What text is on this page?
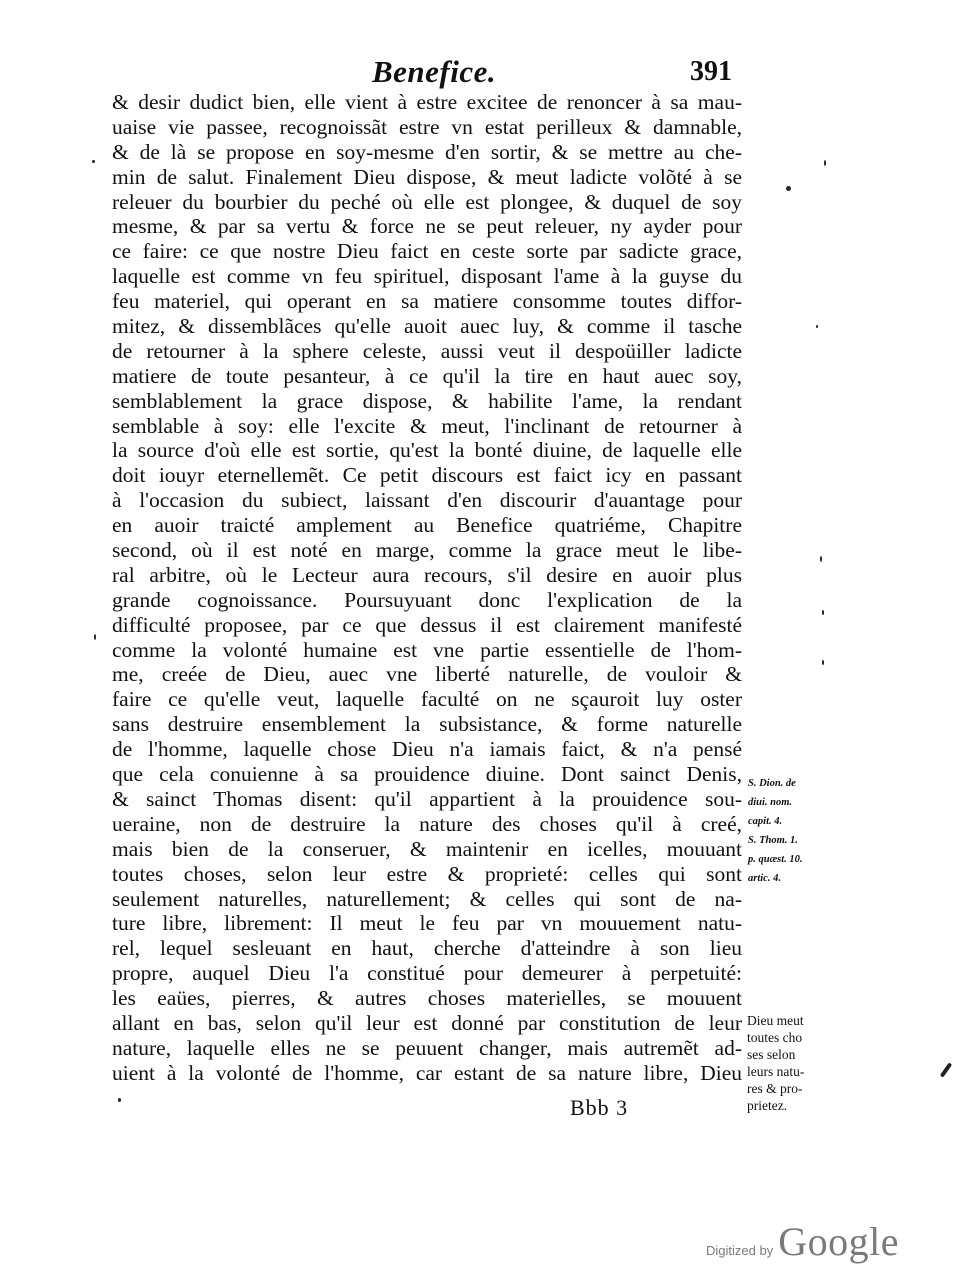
Benefice.	391
& desir dudict bien, elle vient à estre excitee de renoncer à sa mau-
uaise vie passee, recognoissãt estre vn estat perilleux & damnable,
& de là se propose en soy-mesme d'en sortir, & se mettre au che-
min de salut. Finalement Dieu dispose, & meut ladicte volõté à se
releuer du bourbier du peché où elle est plongee, & duquel de soy
mesme, & par sa vertu & force ne se peut releuer, ny ayder pour
ce faire: ce que nostre Dieu faict en ceste sorte par sadicte grace,
laquelle est comme vn feu spirituel, disposant l'ame à la guyse du
feu materiel, qui operant en sa matiere consomme toutes diffor-
mitez, & dissemblãces qu'elle auoit auec luy, & comme il tasche
de retourner à la sphere celeste, aussi veut il despoüiller ladicte
matiere de toute pesanteur, à ce qu'il la tire en haut auec soy,
semblablement la grace dispose, & habilite l'ame, la rendant
semblable à soy: elle l'excite & meut, l'inclinant de retourner à
la source d'où elle est sortie, qu'est la bonté diuine, de laquelle elle
doit iouyr eternellemẽt. Ce petit discours est faict icy en passant
à l'occasion du subiect, laissant d'en discourir d'auantage pour
en auoir traicté amplement au Benefice quatriéme, Chapitre
second, où il est noté en marge, comme la grace meut le libe-
ral arbitre, où le Lecteur aura recours, s'il desire en auoir plus
grande cognoissance. Poursuyuant donc l'explication de la
difficulté proposee, par ce que dessus il est clairement manifesté
comme la volonté humaine est vne partie essentielle de l'hom-
me, creée de Dieu, auec vne liberté naturelle, de vouloir &
faire ce qu'elle veut, laquelle faculté on ne sçauroit luy oster
sans destruire ensemblement la subsistance, & forme naturelle
de l'homme, laquelle chose Dieu n'a iamais faict, & n'a pensé
que cela conuienne à sa prouidence diuine. Dont sainct Denis,
& sainct Thomas disent: qu'il appartient à la prouidence sou-
ueraine, non de destruire la nature des choses qu'il à creé,
mais bien de la conseruer, & maintenir en icelles, mouuant
toutes choses, selon leur estre & proprieté: celles qui sont
seulement naturelles, naturellement; & celles qui sont de na-
ture libre, librement: Il meut le feu par vn mouuement natu-
rel, lequel sesleuant en haut, cherche d'atteindre à son lieu
propre, auquel Dieu l'a constitué pour demeurer à perpetuité:
les eaües, pierres, & autres choses materielles, se mouuent
allant en bas, selon qu'il leur est donné par constitution de leur
nature, laquelle elles ne se peuuent changer, mais autremẽt ad-
uient à la volonté de l'homme, car estant de sa nature libre, Dieu
S. Dion. de
diui. nom.
capit. 4.
S. Thom. 1.
p. quæst. 10.
artic. 4.
Dieu meut
toutes cho
ses selon
leurs natu-
res & pro-
prietez.
Bbb 3
Digitized by Google
